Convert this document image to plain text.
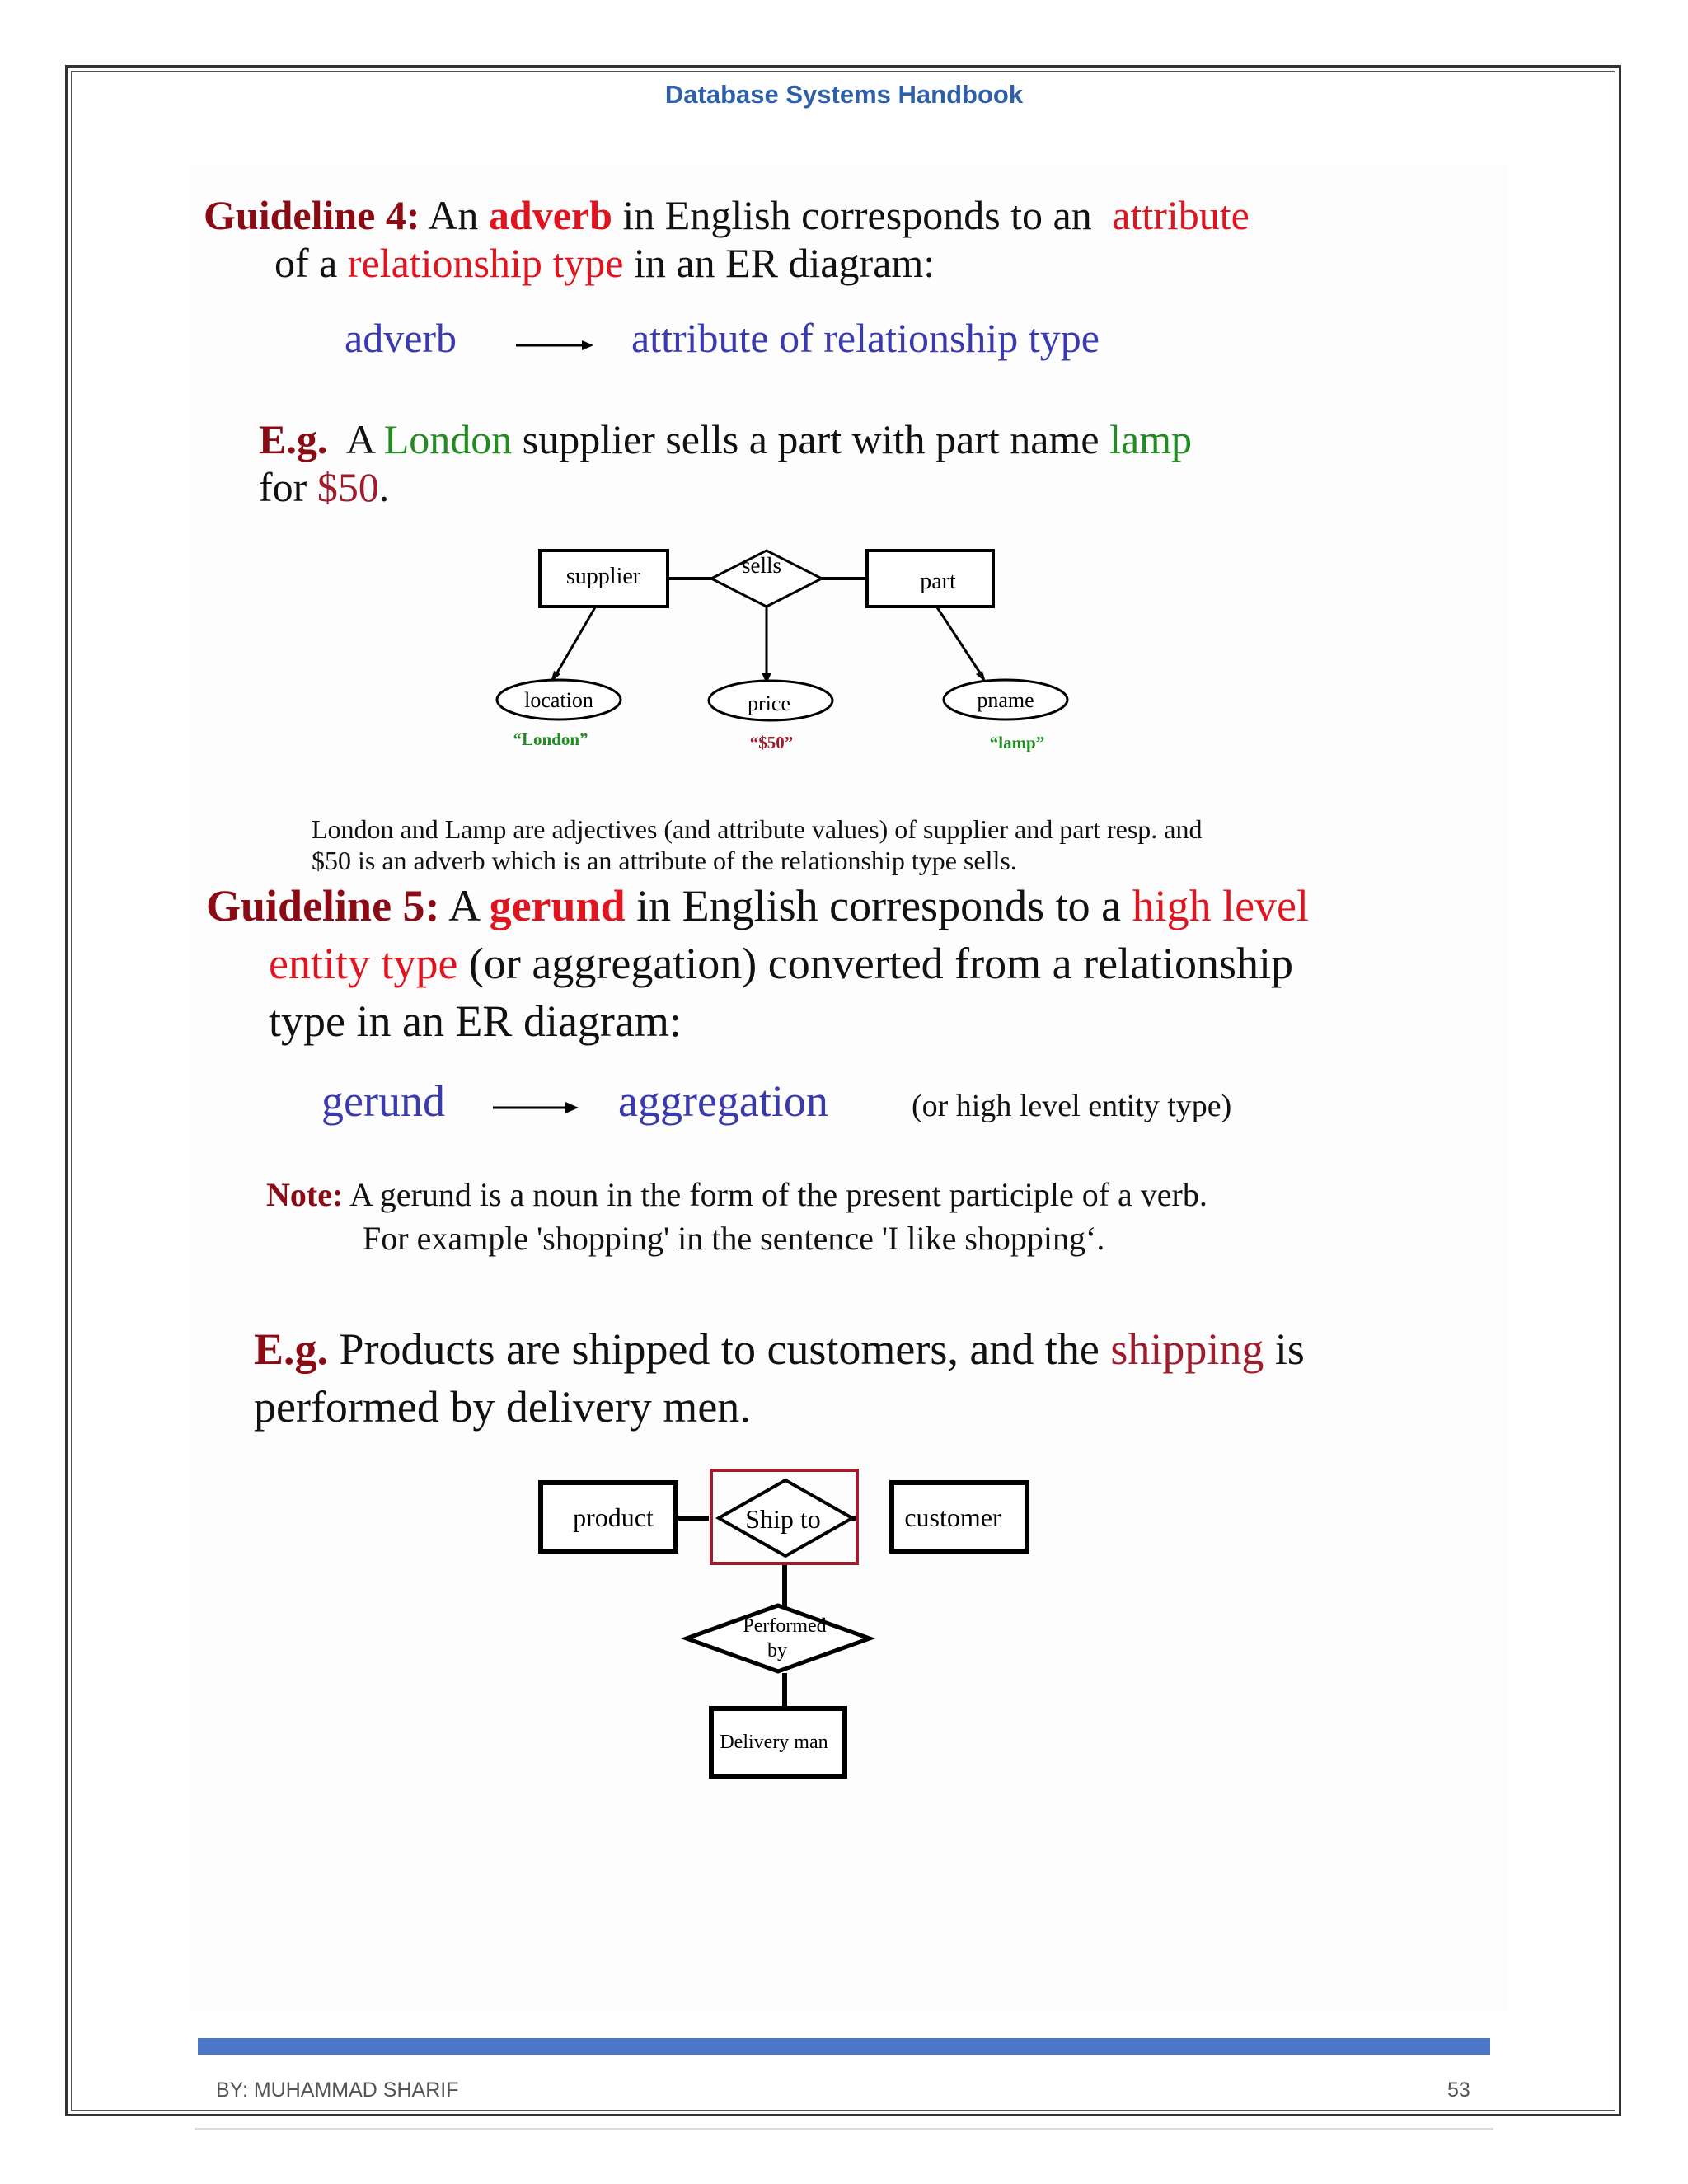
Database Systems Handbook
Guideline 4: An adverb in English corresponds to an attribute
of a relationship type in an ER diagram:
adverb	attribute of relationship type
E.g. A London supplier sells a part with part name lamp
for $50.
supplier	sells
part
location	price	pname
“London”	“$50”	“lamp”
London and Lamp are adjectives (and attribute values) of supplier and part resp. and
$50 is an adverb which is an attribute of the relationship type sells.
Guideline 5: A gerund in English corresponds to a high level
entity type (or aggregation) converted from a relationship
type in an ER diagram:
gerund	aggregation	(or high level entity type)
Note: A gerund is a noun in the form of the present participle of a verb.
For example 'shopping' in the sentence 'I like shopping‘.
E.g. Products are shipped to customers, and the shipping is
performed by delivery men.
product	Ship to	customer
Performed
by
Delivery man
BY: MUHAMMAD SHARIF	53
